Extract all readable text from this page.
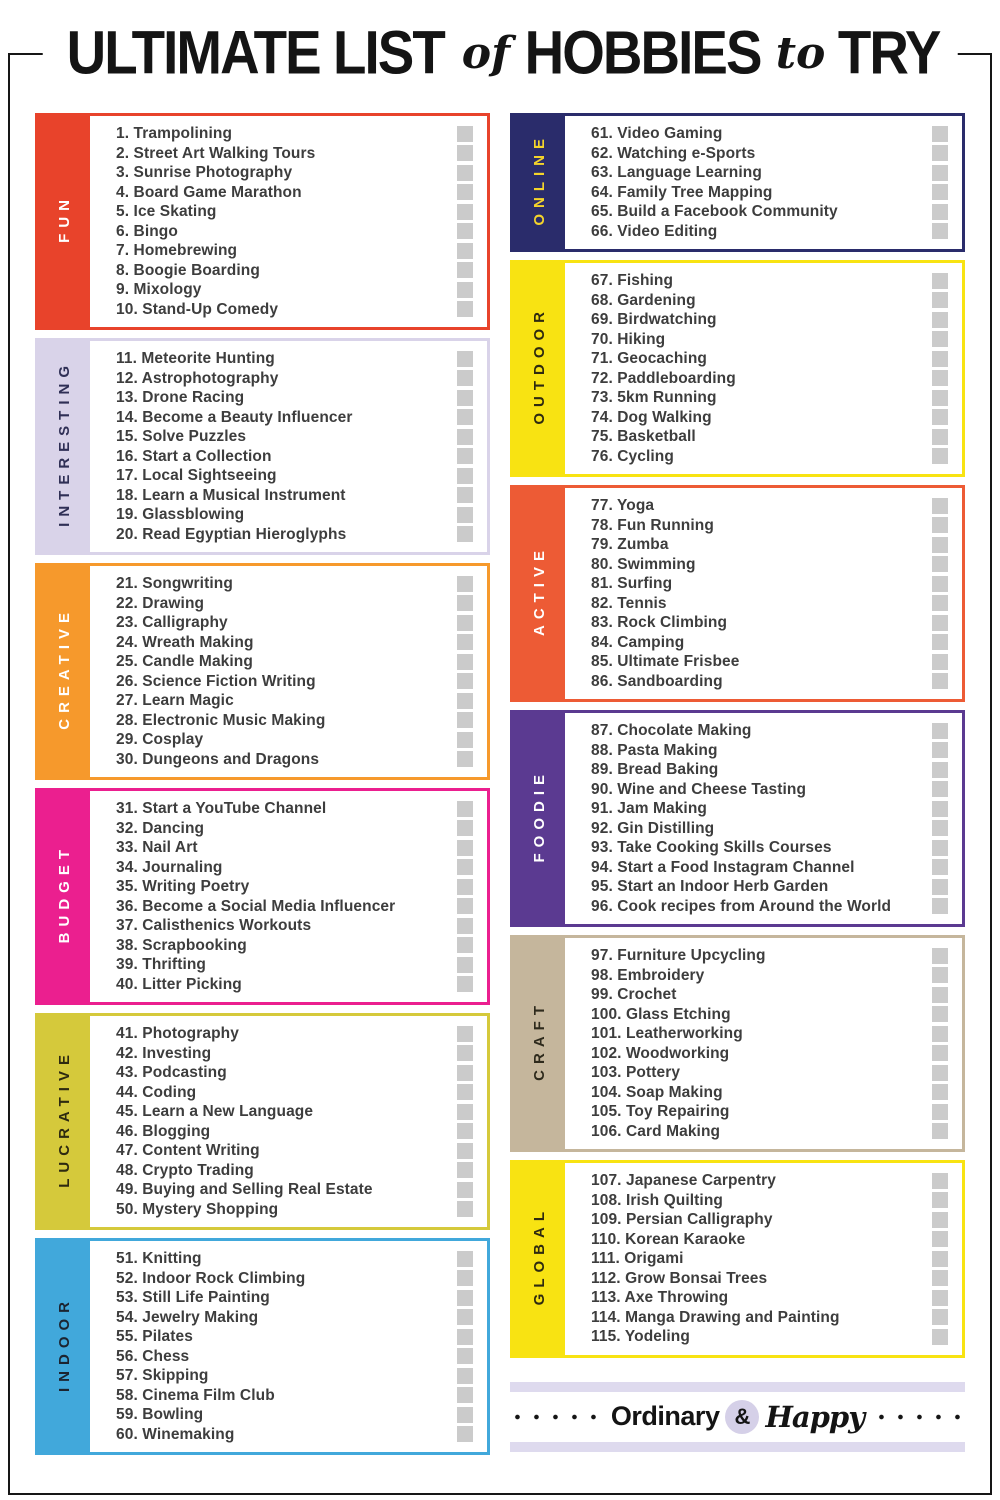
ULTIMATE LIST of HOBBIES to TRY
FUN
1. Trampolining
2. Street Art Walking Tours
3. Sunrise Photography
4. Board Game Marathon
5. Ice Skating
6. Bingo
7. Homebrewing
8. Boogie Boarding
9. Mixology
10. Stand-Up Comedy
INTERESTING
11. Meteorite Hunting
12. Astrophotography
13. Drone Racing
14. Become a Beauty Influencer
15. Solve Puzzles
16. Start a Collection
17. Local Sightseeing
18. Learn a Musical Instrument
19. Glassblowing
20. Read Egyptian Hieroglyphs
CREATIVE
21. Songwriting
22. Drawing
23. Calligraphy
24. Wreath Making
25. Candle Making
26. Science Fiction Writing
27. Learn Magic
28. Electronic Music Making
29. Cosplay
30. Dungeons and Dragons
BUDGET
31. Start a YouTube Channel
32. Dancing
33. Nail Art
34. Journaling
35. Writing Poetry
36. Become a Social Media Influencer
37. Calisthenics Workouts
38. Scrapbooking
39. Thrifting
40. Litter Picking
LUCRATIVE
41. Photography
42. Investing
43. Podcasting
44. Coding
45. Learn a New Language
46. Blogging
47. Content Writing
48. Crypto Trading
49. Buying and Selling Real Estate
50. Mystery Shopping
INDOOR
51. Knitting
52. Indoor Rock Climbing
53. Still Life Painting
54. Jewelry Making
55. Pilates
56. Chess
57. Skipping
58. Cinema Film Club
59. Bowling
60. Winemaking
ONLINE	61. Video Gaming
62. Watching e-Sports
63. Language Learning
64. Family Tree Mapping
65. Build a Facebook Community
66. Video Editing
OUTDOOR
67. Fishing
68. Gardening
69. Birdwatching
70. Hiking
71. Geocaching
72. Paddleboarding
73. 5km Running
74. Dog Walking
75. Basketball
76. Cycling
ACTIVE
77. Yoga
78. Fun Running
79. Zumba
80. Swimming
81. Surfing
82. Tennis
83. Rock Climbing
84. Camping
85. Ultimate Frisbee
86. Sandboarding
FOODIE
87. Chocolate Making
88. Pasta Making
89. Bread Baking
90. Wine and Cheese Tasting
91. Jam Making
92. Gin Distilling
93. Take Cooking Skills Courses
94. Start a Food Instagram Channel
95. Start an Indoor Herb Garden
96. Cook recipes from Around the World
CRAFT
97. Furniture Upcycling
98. Embroidery
99. Crochet
100. Glass Etching
101. Leatherworking
102. Woodworking
103. Pottery
104. Soap Making
105. Toy Repairing
106. Card Making
GLOBAL
107. Japanese Carpentry
108. Irish Quilting
109. Persian Calligraphy
110. Korean Karaoke
111. Origami
112. Grow Bonsai Trees
113. Axe Throwing
114. Manga Drawing and Painting
115. Yodeling
Ordinary & Happy
